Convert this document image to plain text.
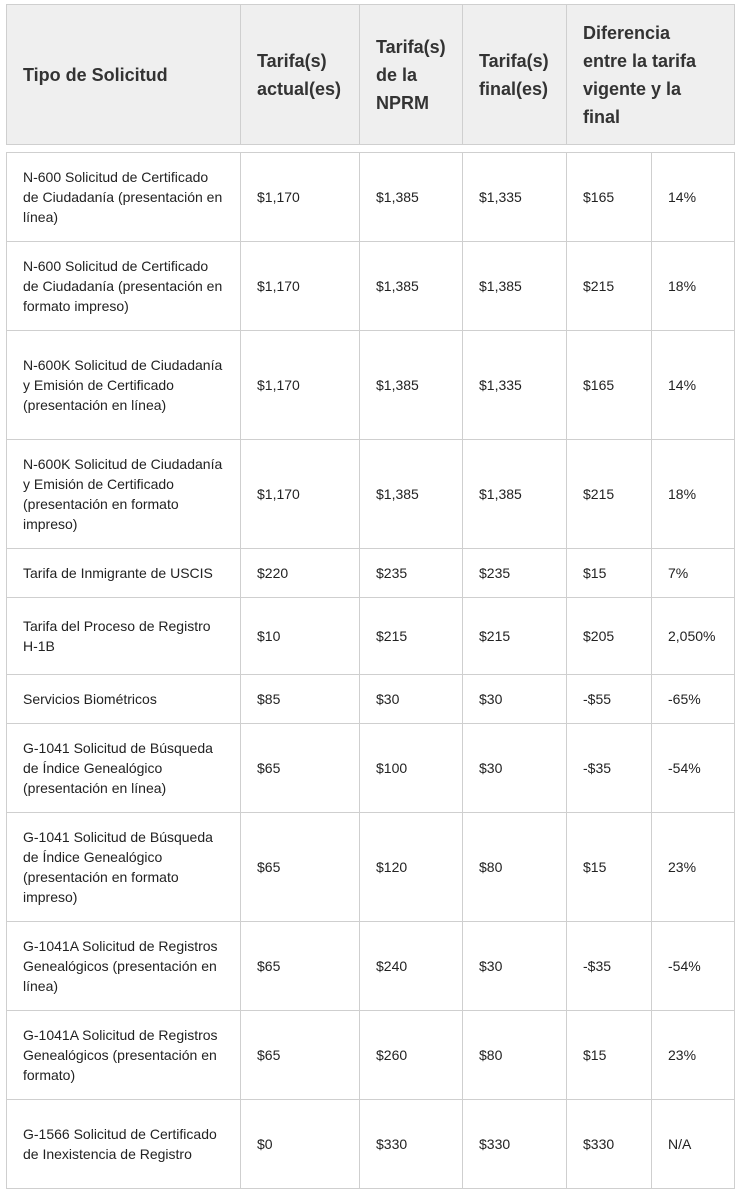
Tipo de Solicitud	Tarifa(s) actual(es)	Tarifa(s) de la NPRM	Tarifa(s) final(es)	Diferencia entre la tarifa vigente y la final	

N-600 Solicitud de Certificado de Ciudadanía (presentación en línea)	$1,170	$1,385	$1,335	$165	14%
N-600 Solicitud de Certificado de Ciudadanía (presentación en formato impreso)	$1,170	$1,385	$1,385	$215	18%
N-600K Solicitud de Ciudadanía y Emisión de Certificado (presentación en línea)	$1,170	$1,385	$1,335	$165	14%
N-600K Solicitud de Ciudadanía y Emisión de Certificado (presentación en formato impreso)	$1,170	$1,385	$1,385	$215	18%
Tarifa de Inmigrante de USCIS	$220	$235	$235	$15	7%
Tarifa del Proceso de Registro H-1B	$10	$215	$215	$205	2,050%
Servicios Biométricos	$85	$30	$30	-$55	-65%
G-1041 Solicitud de Búsqueda de Índice Genealógico (presentación en línea)	$65	$100	$30	-$35	-54%
G-1041 Solicitud de Búsqueda de Índice Genealógico (presentación en formato impreso)	$65	$120	$80	$15	23%
G-1041A Solicitud de Registros Genealógicos (presentación en línea)	$65	$240	$30	-$35	-54%
G-1041A Solicitud de Registros Genealógicos (presentación en formato)	$65	$260	$80	$15	23%
G-1566 Solicitud de Certificado de Inexistencia de Registro	$0	$330	$330	$330	N/A
